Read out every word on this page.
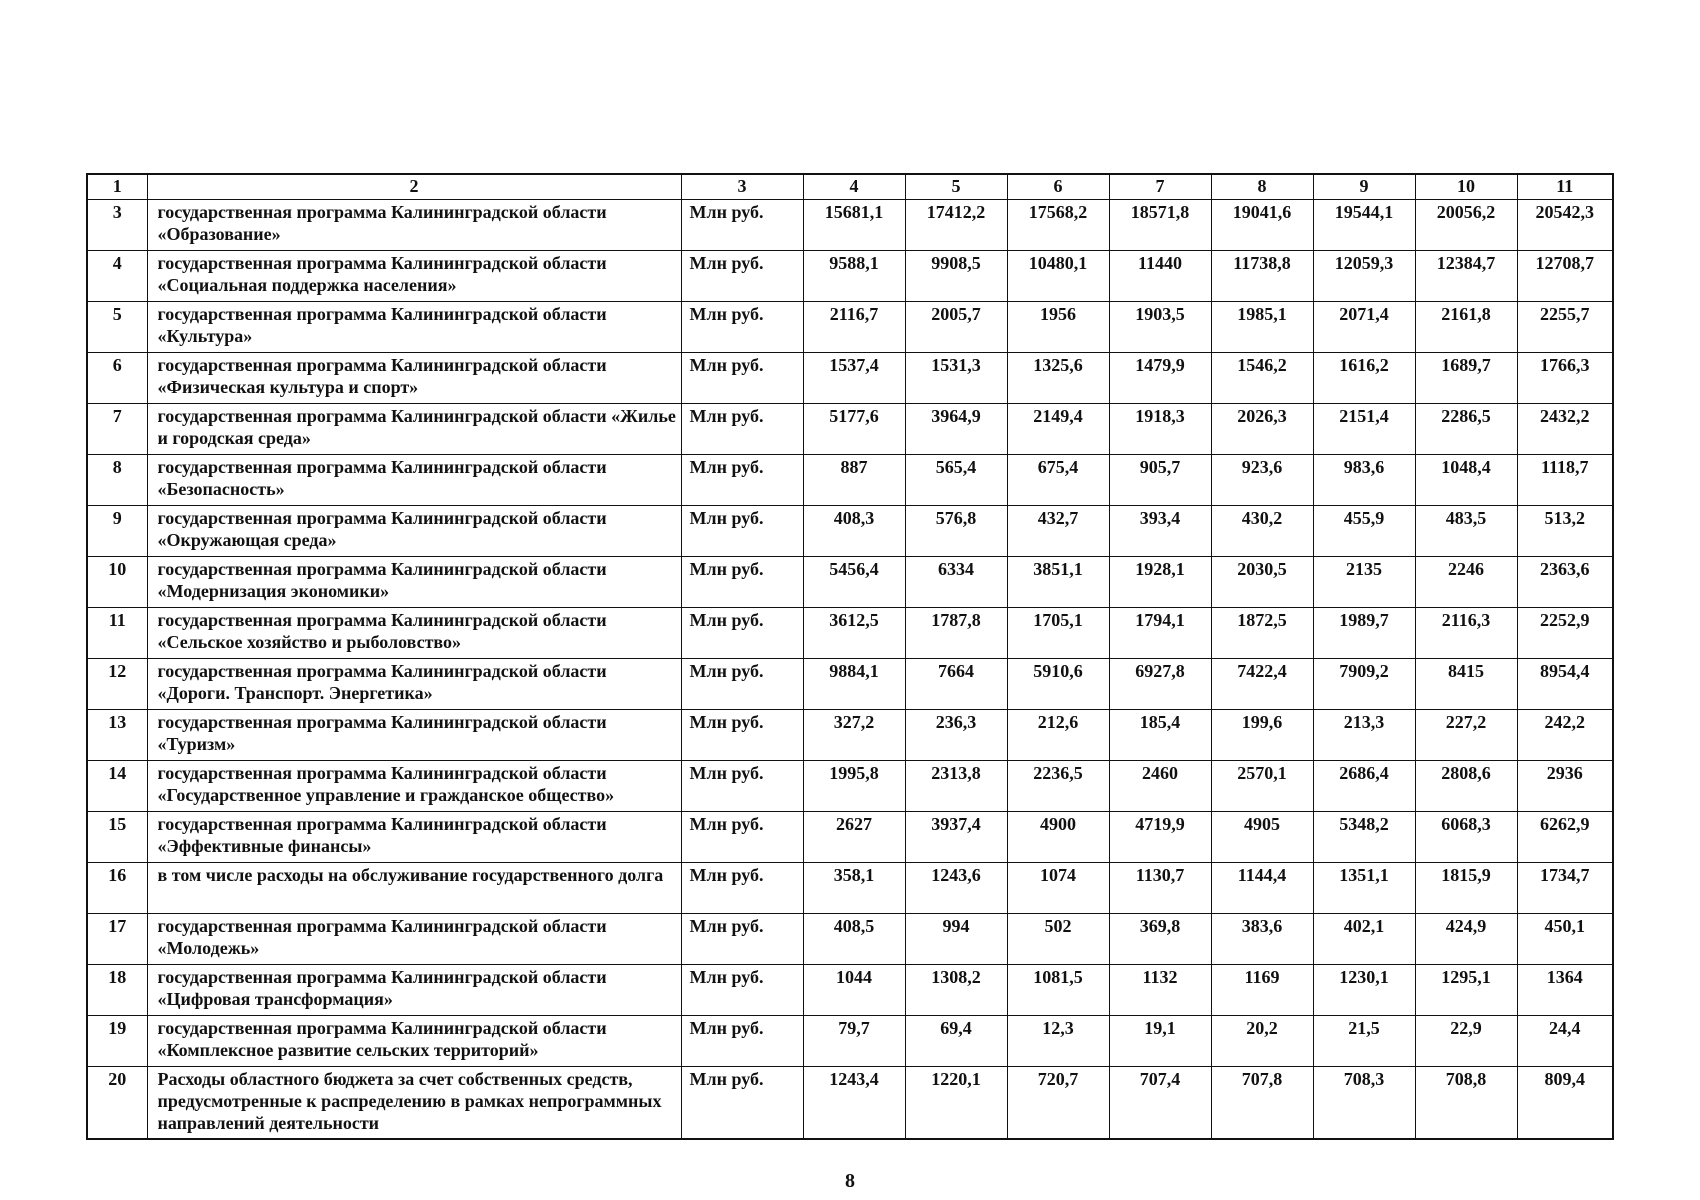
1	2	3	4	5	6	7	8	9	10	11
3	государственная программа Калининградской области «Образование»	Млн руб.	15681,1	17412,2	17568,2	18571,8	19041,6	19544,1	20056,2	20542,3
4	государственная программа Калининградской области «Социальная поддержка населения»	Млн руб.	9588,1	9908,5	10480,1	11440	11738,8	12059,3	12384,7	12708,7
5	государственная программа Калининградской области «Культура»	Млн руб.	2116,7	2005,7	1956	1903,5	1985,1	2071,4	2161,8	2255,7
6	государственная программа Калининградской области «Физическая культура и спорт»	Млн руб.	1537,4	1531,3	1325,6	1479,9	1546,2	1616,2	1689,7	1766,3
7	государственная программа Калининградской области «Жилье и городская среда»	Млн руб.	5177,6	3964,9	2149,4	1918,3	2026,3	2151,4	2286,5	2432,2
8	государственная программа Калининградской области «Безопасность»	Млн руб.	887	565,4	675,4	905,7	923,6	983,6	1048,4	1118,7
9	государственная программа Калининградской области «Окружающая среда»	Млн руб.	408,3	576,8	432,7	393,4	430,2	455,9	483,5	513,2
10	государственная программа Калининградской области «Модернизация экономики»	Млн руб.	5456,4	6334	3851,1	1928,1	2030,5	2135	2246	2363,6
11	государственная программа Калининградской области «Сельское хозяйство и рыболовство»	Млн руб.	3612,5	1787,8	1705,1	1794,1	1872,5	1989,7	2116,3	2252,9
12	государственная программа Калининградской области «Дороги. Транспорт. Энергетика»	Млн руб.	9884,1	7664	5910,6	6927,8	7422,4	7909,2	8415	8954,4
13	государственная программа Калининградской области «Туризм»	Млн руб.	327,2	236,3	212,6	185,4	199,6	213,3	227,2	242,2
14	государственная программа Калининградской области «Государственное управление и гражданское общество»	Млн руб.	1995,8	2313,8	2236,5	2460	2570,1	2686,4	2808,6	2936
15	государственная программа Калининградской области «Эффективные финансы»	Млн руб.	2627	3937,4	4900	4719,9	4905	5348,2	6068,3	6262,9
16	в том числе расходы на обслуживание государственного долга	Млн руб.	358,1	1243,6	1074	1130,7	1144,4	1351,1	1815,9	1734,7
17	государственная программа Калининградской области «Молодежь»	Млн руб.	408,5	994	502	369,8	383,6	402,1	424,9	450,1
18	государственная программа Калининградской области «Цифровая трансформация»	Млн руб.	1044	1308,2	1081,5	1132	1169	1230,1	1295,1	1364
19	государственная программа Калининградской области «Комплексное развитие сельских территорий»	Млн руб.	79,7	69,4	12,3	19,1	20,2	21,5	22,9	24,4
20	Расходы областного бюджета за счет собственных средств, предусмотренные к распределению в рамках непрограммных направлений деятельности	Млн руб.	1243,4	1220,1	720,7	707,4	707,8	708,3	708,8	809,4
8
